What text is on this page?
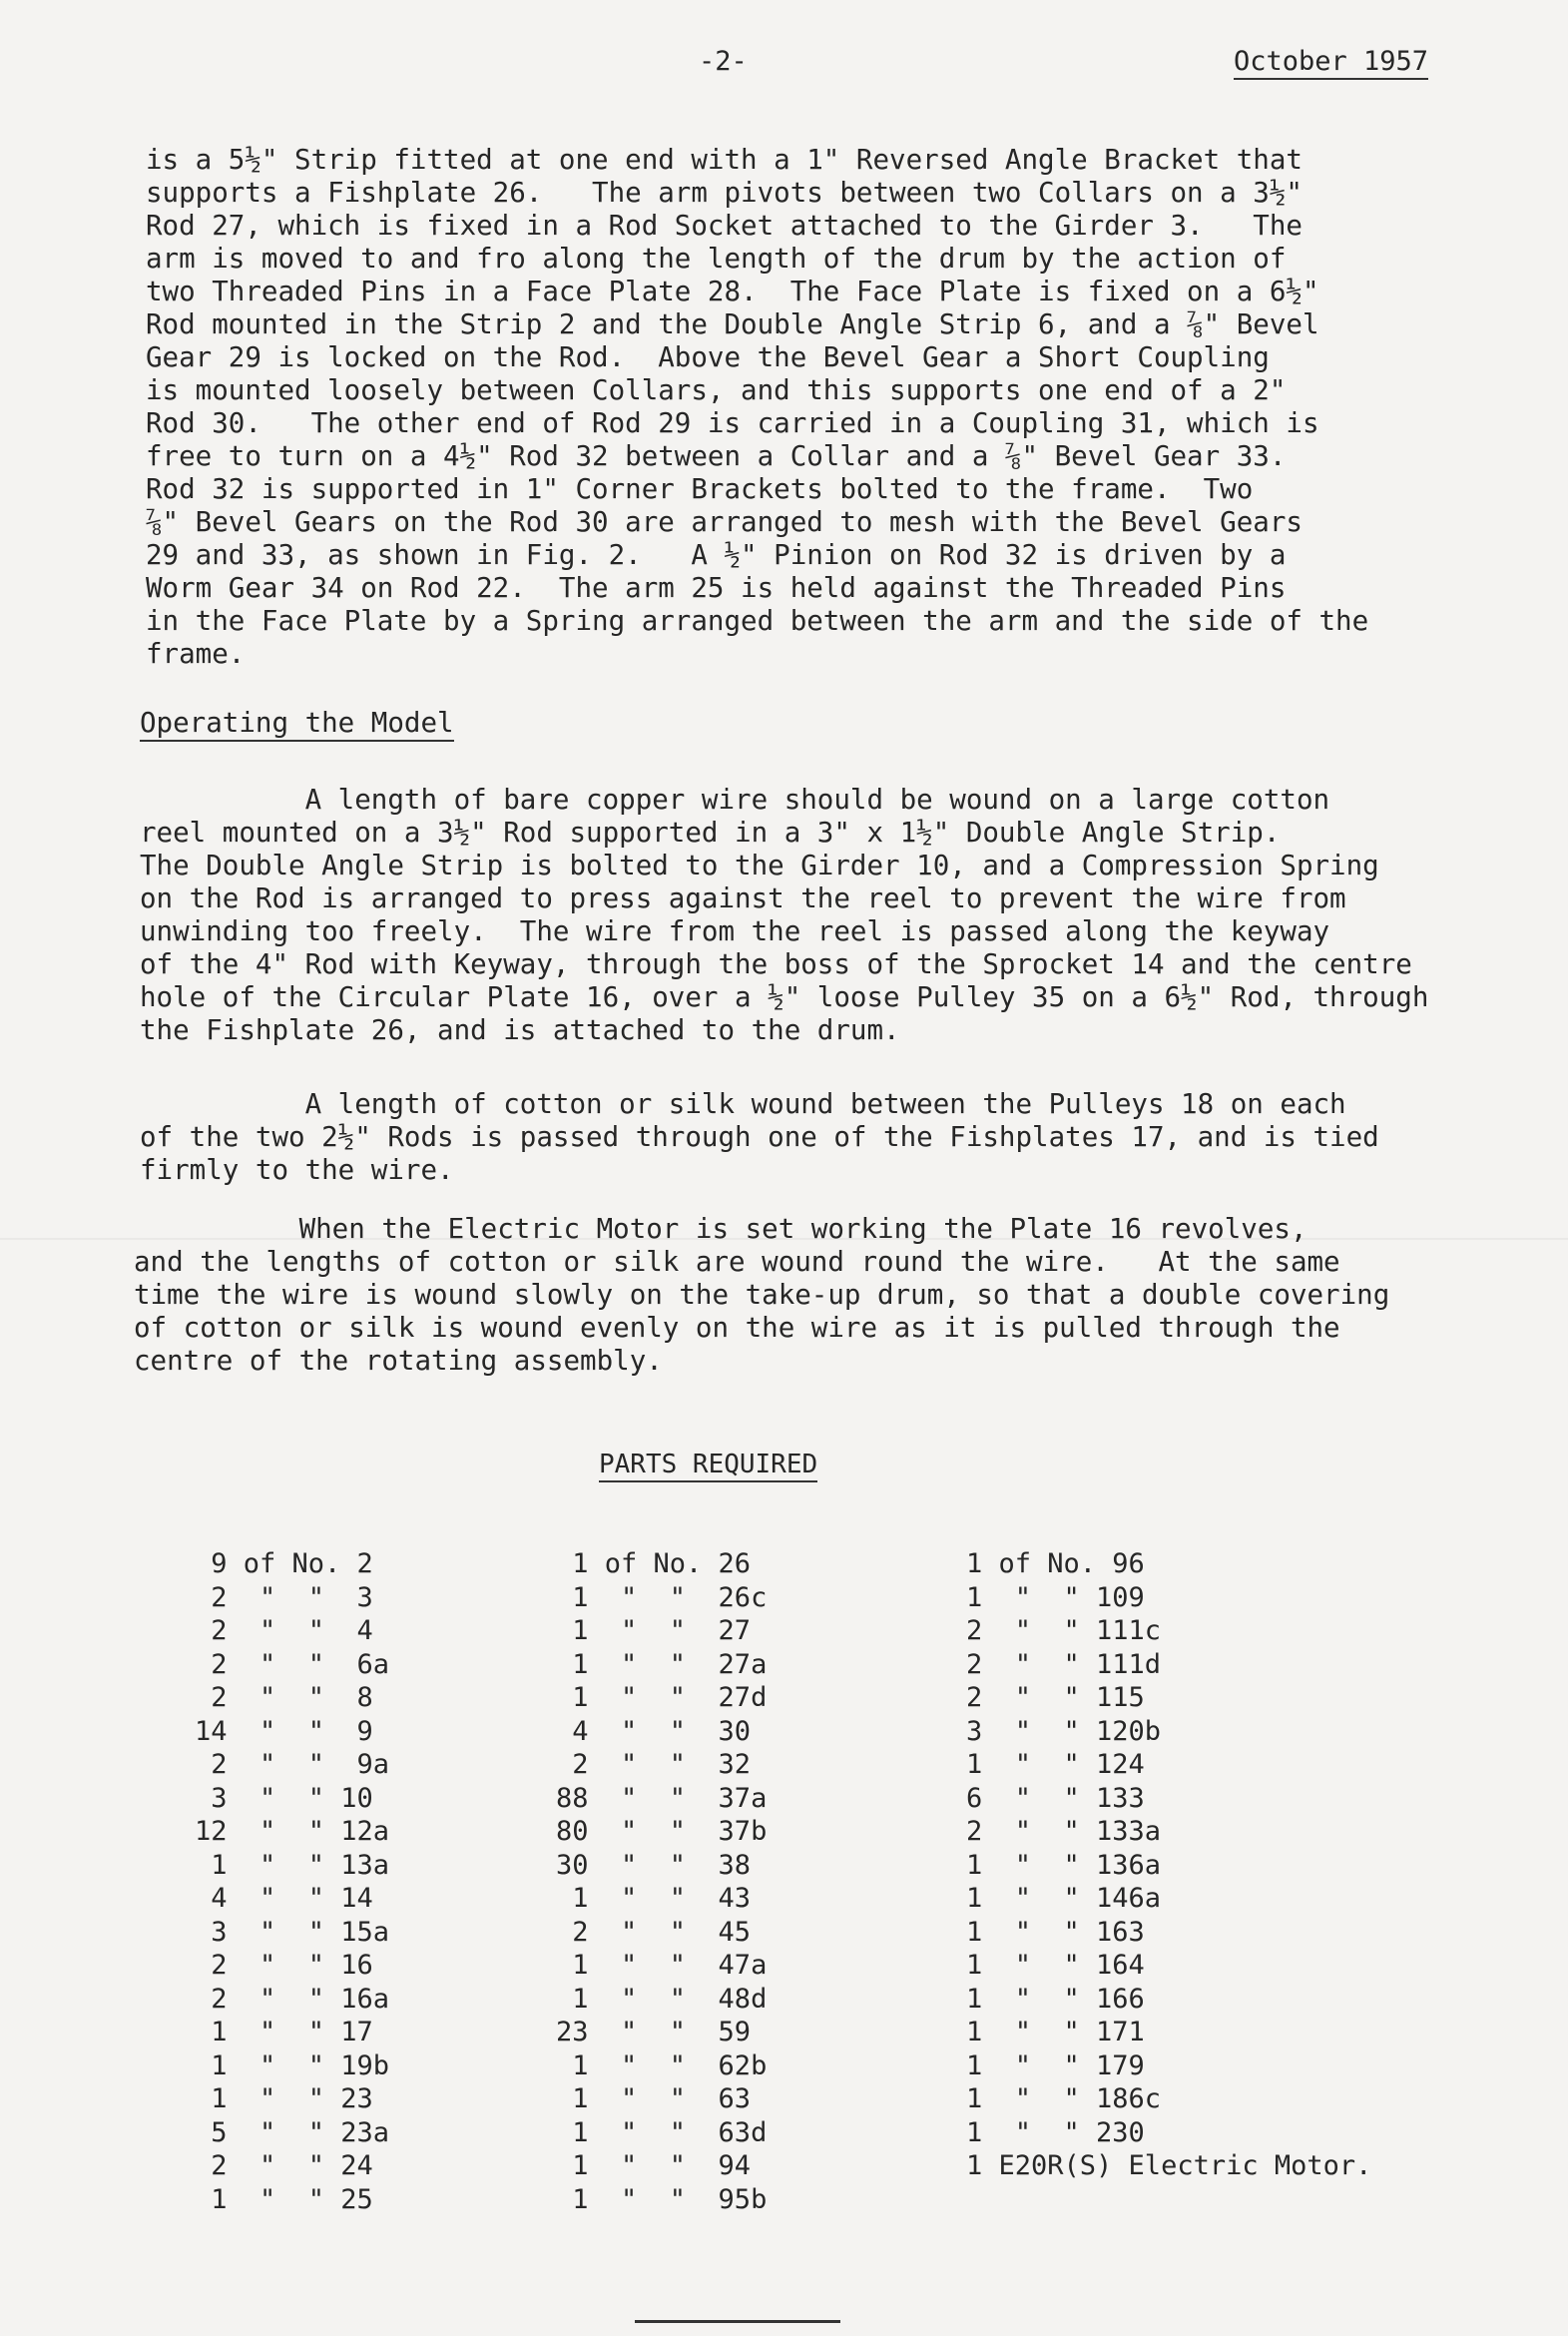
-2-	October 1957
is a 5½" Strip fitted at one end with a 1" Reversed Angle Bracket that
supports a Fishplate 26.   The arm pivots between two Collars on a 3½"
Rod 27, which is fixed in a Rod Socket attached to the Girder 3.   The
arm is moved to and fro along the length of the drum by the action of
two Threaded Pins in a Face Plate 28.  The Face Plate is fixed on a 6½"
Rod mounted in the Strip 2 and the Double Angle Strip 6, and a ⅞" Bevel
Gear 29 is locked on the Rod.  Above the Bevel Gear a Short Coupling
is mounted loosely between Collars, and this supports one end of a 2"
Rod 30.   The other end of Rod 29 is carried in a Coupling 31, which is
free to turn on a 4½" Rod 32 between a Collar and a ⅞" Bevel Gear 33.
Rod 32 is supported in 1" Corner Brackets bolted to the frame.  Two
⅞" Bevel Gears on the Rod 30 are arranged to mesh with the Bevel Gears
29 and 33, as shown in Fig. 2.   A ½" Pinion on Rod 32 is driven by a
Worm Gear 34 on Rod 22.  The arm 25 is held against the Threaded Pins
in the Face Plate by a Spring arranged between the arm and the side of the
frame.
Operating the Model
A length of bare copper wire should be wound on a large cotton
reel mounted on a 3½" Rod supported in a 3" x 1½" Double Angle Strip.
The Double Angle Strip is bolted to the Girder 10, and a Compression Spring
on the Rod is arranged to press against the reel to prevent the wire from
unwinding too freely.  The wire from the reel is passed along the keyway
of the 4" Rod with Keyway, through the boss of the Sprocket 14 and the centre
hole of the Circular Plate 16, over a ½" loose Pulley 35 on a 6½" Rod, through
the Fishplate 26, and is attached to the drum.
A length of cotton or silk wound between the Pulleys 18 on each
of the two 2½" Rods is passed through one of the Fishplates 17, and is tied
firmly to the wire.
When the Electric Motor is set working the Plate 16 revolves,
and the lengths of cotton or silk are wound round the wire.   At the same
time the wire is wound slowly on the take-up drum, so that a double covering
of cotton or silk is wound evenly on the wire as it is pulled through the
centre of the rotating assembly.
PARTS REQUIRED
9 of No. 2
2  "  "  3
2  "  "  4
2  "  "  6a
2  "  "  8
14  "  "  9
2  "  "  9a
3  "  " 10
12  "  " 12a
1  "  " 13a
4  "  " 14
3  "  " 15a
2  "  " 16
2  "  " 16a
1  "  " 17
1  "  " 19b
1  "  " 23
5  "  " 23a
2  "  " 24
1  "  " 25
1 of No. 26
1  "  "  26c
1  "  "  27
1  "  "  27a
1  "  "  27d
4  "  "  30
2  "  "  32
88  "  "  37a
80  "  "  37b
30  "  "  38
1  "  "  43
2  "  "  45
1  "  "  47a
1  "  "  48d
23  "  "  59
1  "  "  62b
1  "  "  63
1  "  "  63d
1  "  "  94
1  "  "  95b
1 of No. 96
1  "  " 109
2  "  " 111c
2  "  " 111d
2  "  " 115
3  "  " 120b
1  "  " 124
6  "  " 133
2  "  " 133a
1  "  " 136a
1  "  " 146a
1  "  " 163
1  "  " 164
1  "  " 166
1  "  " 171
1  "  " 179
1  "  " 186c
1  "  " 230
1 E20R(S) Electric Motor.
